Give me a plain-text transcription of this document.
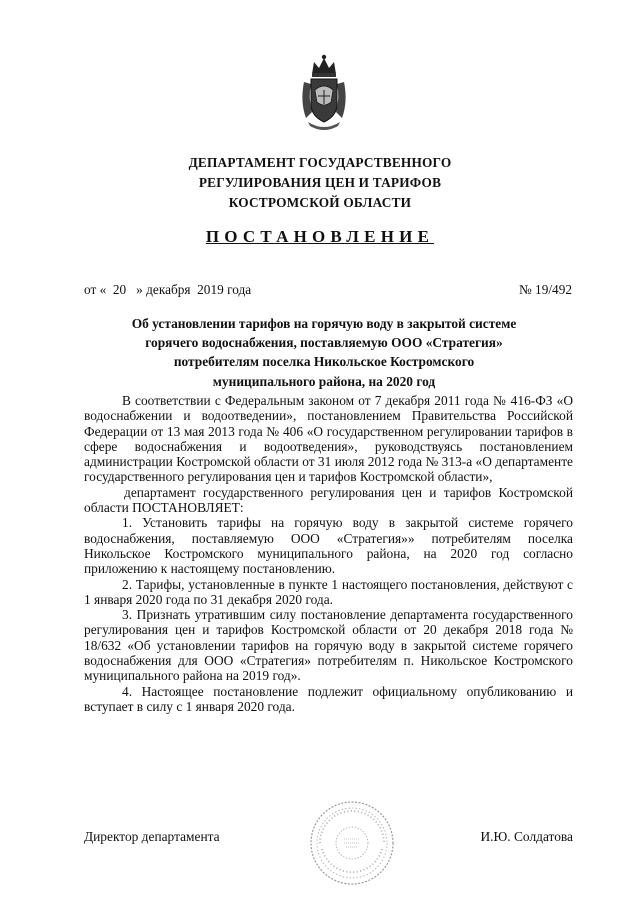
ДЕПАРТАМЕНТ ГОСУДАРСТВЕННОГО
РЕГУЛИРОВАНИЯ ЦЕН И ТАРИФОВ
КОСТРОМСКОЙ ОБЛАСТИ
ПОСТАНОВЛЕНИЕ
от «  20   » декабря  2019 года	№ 19/492
Об установлении тарифов на горячую воду в закрытой системе
горячего водоснабжения, поставляемую ООО «Стратегия»
потребителям поселка Никольское Костромского
муниципального района, на 2020 год

В соответствии с Федеральным законом от 7 декабря 2011 года № 416-ФЗ «О водоснабжении и водоотведении», постановлением Правительства Российской Федерации от 13 мая 2013 года № 406 «О государственном регулировании тарифов в сфере водоснабжения и водоотведения», руководствуясь постановлением администрации Костромской области от 31 июля 2012 года № 313-а «О департаменте государственного регулирования цен и тарифов Костромской области»,

департамент государственного регулирования цен и тарифов Костромской области ПОСТАНОВЛЯЕТ:

1. Установить тарифы на горячую воду в закрытой системе горячего водоснабжения, поставляемую ООО «Стратегия»» потребителям поселка Никольское Костромского муниципального района, на 2020 год согласно приложению к настоящему постановлению.

2. Тарифы, установленные в пункте 1 настоящего постановления, действуют с 1 января 2020 года по 31 декабря 2020 года.

3. Признать утратившим силу постановление департамента государственного регулирования цен и тарифов Костромской области от 20 декабря 2018 года № 18/632 «Об установлении тарифов на горячую воду в закрытой системе горячего водоснабжения для ООО «Стратегия» потребителям п. Никольское Костромского муниципального района на 2019 год».

4. Настоящее постановление подлежит официальному опубликованию и вступает в силу с 1 января 2020 года.

Директор департамента	И.Ю. Солдатова
